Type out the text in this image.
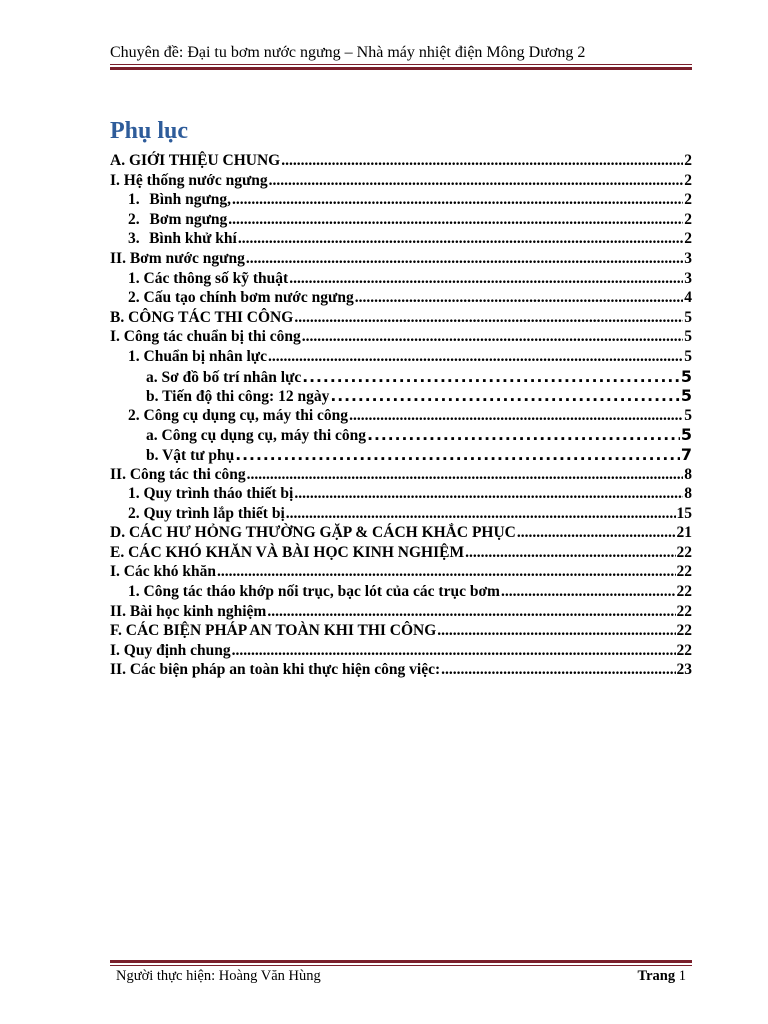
Chuyên đề: Đại tu bơm nước ngưng – Nhà máy nhiệt điện Mông Dương 2
Phụ lục
A. GIỚI THIỆU CHUNG .....	2
I. Hệ thống nước ngưng .....	2
1. Bình ngưng, .....	2
2. Bơm ngưng .....	2
3. Bình khử khí .....	2
II. Bơm nước ngưng .....	3
1. Các thông số kỹ thuật .....	3
2. Cấu tạo chính bơm nước ngưng .....	4
B. CÔNG TÁC THI CÔNG .....	5
I. Công tác chuẩn bị thi công .....	5
1. Chuẩn bị nhân lực .....	5
a. Sơ đồ bố trí nhân lực .....	5
b. Tiến độ thi công: 12 ngày .....	5
2. Công cụ dụng cụ, máy thi công .....	5
a. Công cụ dụng cụ, máy thi công .....	5
b. Vật tư phụ .....	7
II. Công tác thi công .....	8
1. Quy trình tháo thiết bị .....	8
2. Quy trình lắp thiết bị .....	15
D. CÁC HƯ HỎNG THƯỜNG GẶP & CÁCH KHẮC PHỤC .....	21
E. CÁC KHÓ KHĂN VÀ BÀI HỌC KINH NGHIỆM .....	22
I. Các khó khăn .....	22
1. Công tác tháo khớp nối trục, bạc lót của các trục bơm .....	22
II. Bài học kinh nghiệm .....	22
F. CÁC BIỆN PHÁP AN TOÀN KHI THI CÔNG .....	22
I. Quy định chung .....	22
II. Các biện pháp an toàn khi thực hiện công việc: .....	23
Người thực hiện: Hoàng Văn Hùng	Trang 1
